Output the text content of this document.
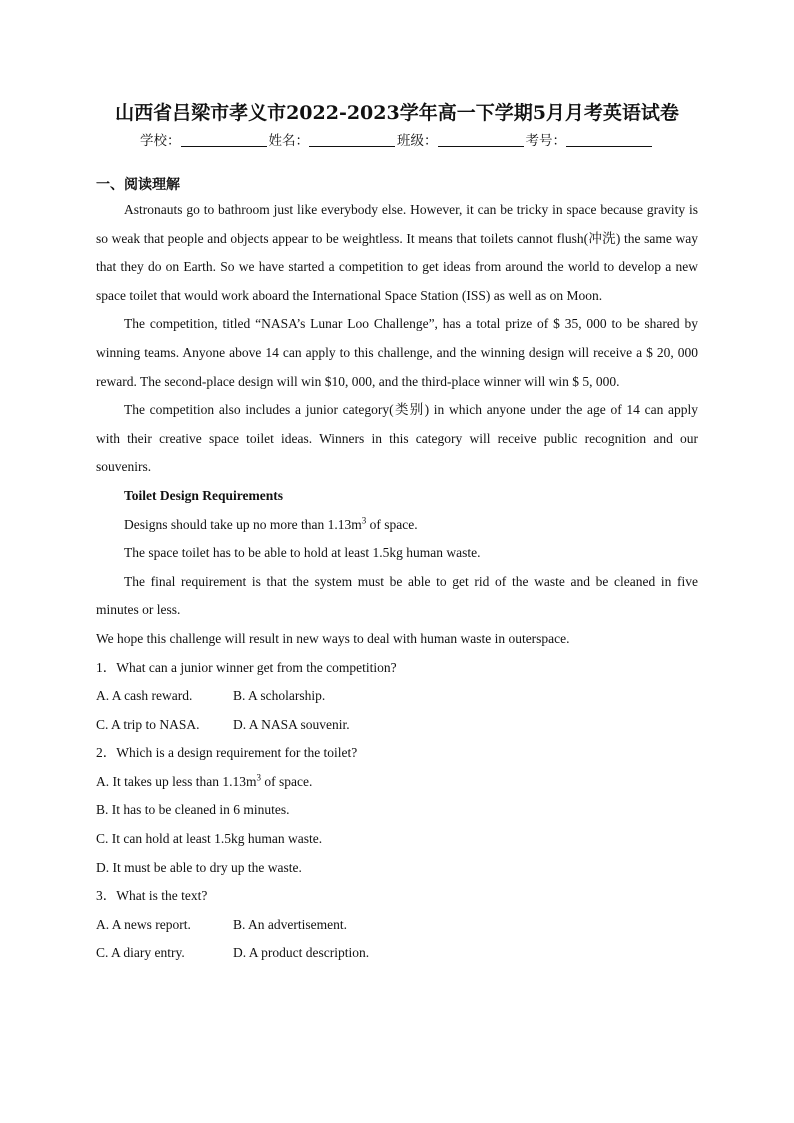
山西省吕梁市孝义市2022-2023学年高一下学期5月月考英语试卷
学校：	姓名：	班级：	考号：
一、阅读理解

Astronauts go to bathroom just like everybody else. However, it can be tricky in space because gravity is so weak that people and objects appear to be weightless. It means that toilets cannot flush(冲洗) the same way that they do on Earth. So we have started a competition to get ideas from around the world to develop a new space toilet that would work aboard the International Space Station (ISS) as well as on Moon.

The competition, titled “NASA’s Lunar Loo Challenge”, has a total prize of $ 35, 000 to be shared by winning teams. Anyone above 14 can apply to this challenge, and the winning design will receive a $ 20, 000 reward. The second-place design will win $10, 000, and the third-place winner will win $ 5, 000.

The competition also includes a junior category(类别) in which anyone under the age of 14 can apply with their creative space toilet ideas. Winners in this category will receive public recognition and our souvenirs.

Toilet Design Requirements

Designs should take up no more than $1.13m^3$ of space.

The space toilet has to be able to hold at least 1.5kg human waste.

The final requirement is that the system must be able to get rid of the waste and be cleaned in five minutes or less.

We hope this challenge will result in new ways to deal with human waste in outerspace.

1．What can a junior winner get from the competition?

A. A cash reward.	B. A scholarship.

C. A trip to NASA. D. A NASA souvenir.

2．Which is a design requirement for the toilet?

A. It takes up less than $1.13m^3$ of space.

B. It has to be cleaned in 6 minutes.

C. It can hold at least 1.5kg human waste.

D. It must be able to dry up the waste.

3．What is the text?

A. A news report.	B. An advertisement.

C. A diary entry.	D. A product description.
